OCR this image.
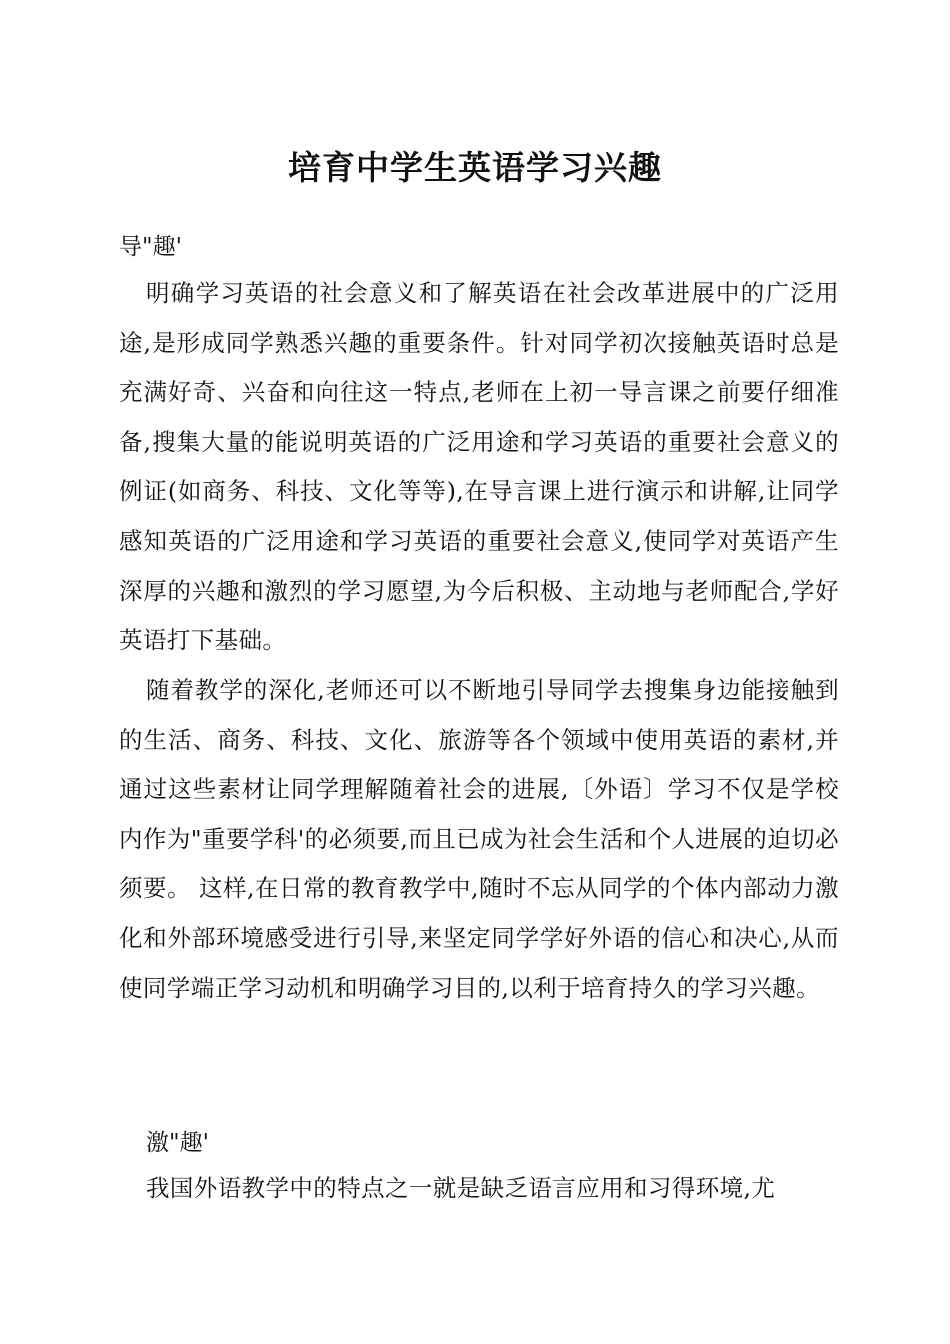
培育中学生英语学习兴趣

导"趣'

明确学习英语的社会意义和了解英语在社会改革进展中的广泛用途,是形成同学熟悉兴趣的重要条件。针对同学初次接触英语时总是充满好奇、兴奋和向往这一特点,老师在上初一导言课之前要仔细准备,搜集大量的能说明英语的广泛用途和学习英语的重要社会意义的例证(如商务、科技、文化等等),在导言课上进行演示和讲解,让同学感知英语的广泛用途和学习英语的重要社会意义,使同学对英语产生深厚的兴趣和激烈的学习愿望,为今后积极、主动地与老师配合,学好英语打下基础。

随着教学的深化,老师还可以不断地引导同学去搜集身边能接触到的生活、商务、科技、文化、旅游等各个领域中使用英语的素材,并通过这些素材让同学理解随着社会的进展,〔外语〕学习不仅是学校内作为"重要学科'的必须要,而且已成为社会生活和个人进展的迫切必须要。 这样,在日常的教育教学中,随时不忘从同学的个体内部动力激化和外部环境感受进行引导,来坚定同学学好外语的信心和决心,从而使同学端正学习动机和明确学习目的,以利于培育持久的学习兴趣。

激"趣'

我国外语教学中的特点之一就是缺乏语言应用和习得环境,尤
